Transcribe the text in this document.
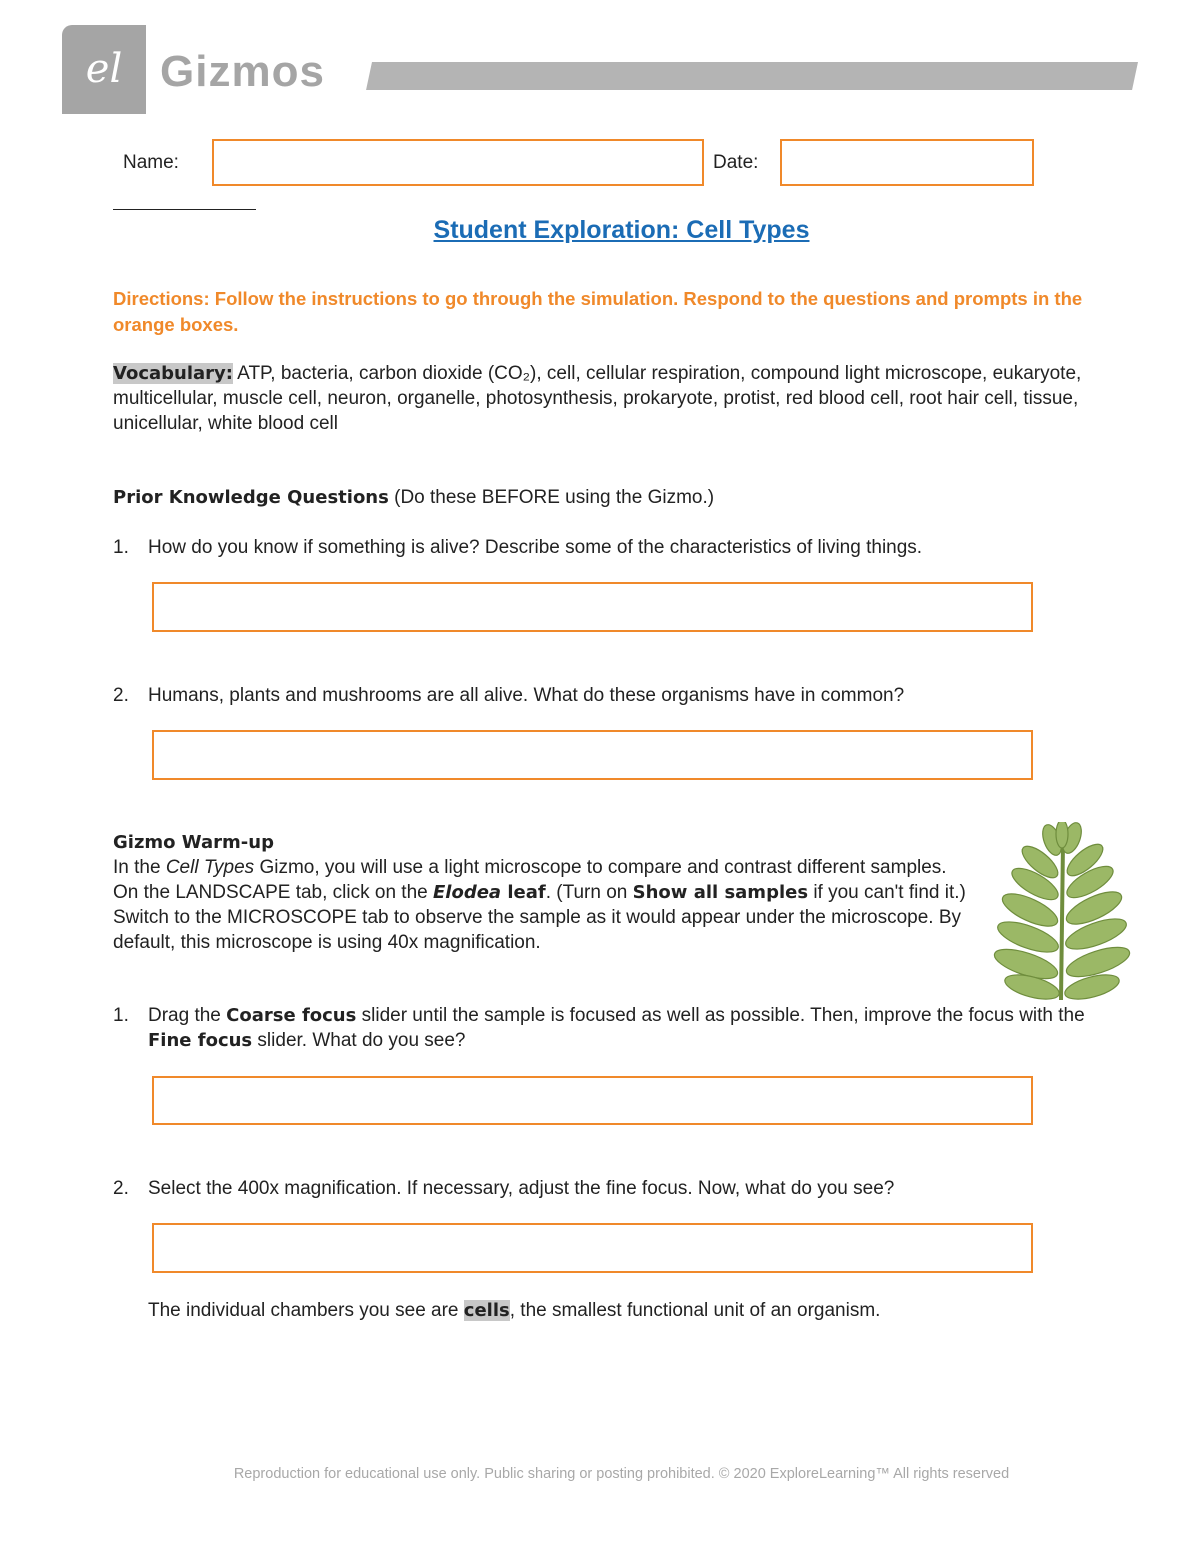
el Gizmos
Name:	Date:
Student Exploration: Cell Types
Directions: Follow the instructions to go through the simulation. Respond to the questions and prompts in the orange boxes.
Vocabulary: ATP, bacteria, carbon dioxide (CO₂), cell, cellular respiration, compound light microscope, eukaryote, multicellular, muscle cell, neuron, organelle, photosynthesis, prokaryote, protist, red blood cell, root hair cell, tissue, unicellular, white blood cell
Prior Knowledge Questions (Do these BEFORE using the Gizmo.)
1. How do you know if something is alive? Describe some of the characteristics of living things.
2. Humans, plants and mushrooms are all alive. What do these organisms have in common?
Gizmo Warm-up
In the Cell Types Gizmo, you will use a light microscope to compare and contrast different samples. On the LANDSCAPE tab, click on the Elodea leaf. (Turn on Show all samples if you can't find it.) Switch to the MICROSCOPE tab to observe the sample as it would appear under the microscope. By default, this microscope is using 40x magnification.
1. Drag the Coarse focus slider until the sample is focused as well as possible. Then, improve the focus with the Fine focus slider. What do you see?
2. Select the 400x magnification. If necessary, adjust the fine focus. Now, what do you see?
The individual chambers you see are cells, the smallest functional unit of an organism.
Reproduction for educational use only. Public sharing or posting prohibited. © 2020 ExploreLearning™ All rights reserved
